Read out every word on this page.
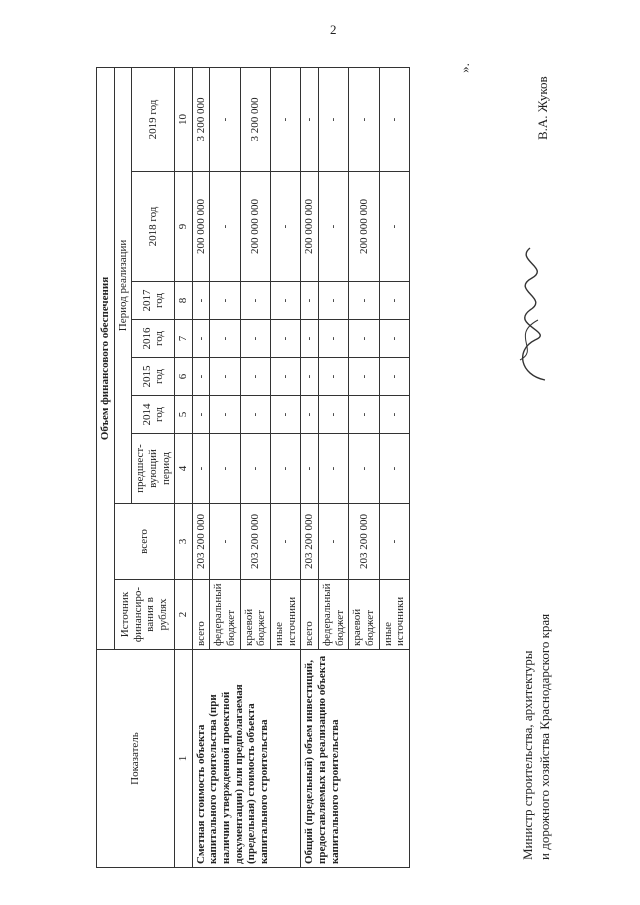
2
Показатель	Объем финансового обеспечения								
	Источник финансиро-вания в рублях	всего	Период реализации						
			предшест-вующий период	2014 год	2015 год	2016 год	2017 год	2018 год	2019 год
1	2	3	4	5	6	7	8	9	10
Сметная стоимость объекта капитального строительства (при наличии утвержденной проектной документации) или предполагаемая (предельная) стоимость объекта капитального строительства	всего	203 200 000	-	-	-	-	-	200 000 000	3 200 000
	федеральный бюджет	-	-	-	-	-	-	-	-
	краевой бюджет	203 200 000	-	-	-	-	-	200 000 000	3 200 000
	иные источники	-	-	-	-	-	-	-	-
Общий (предельный) объем инвестиций, предоставляемых на реализацию объекта капитального строительства	всего	203 200 000	-	-	-	-	-	200 000 000	-
	федеральный бюджет	-	-	-	-	-	-	-	-
	краевой бюджет	203 200 000	-	-	-	-	-	200 000 000	-
	иные источники	-	-	-	-	-	-	-	-
».
Министр строительства, архитектуры и дорожного хозяйства Краснодарского края
В.А. Жуков
